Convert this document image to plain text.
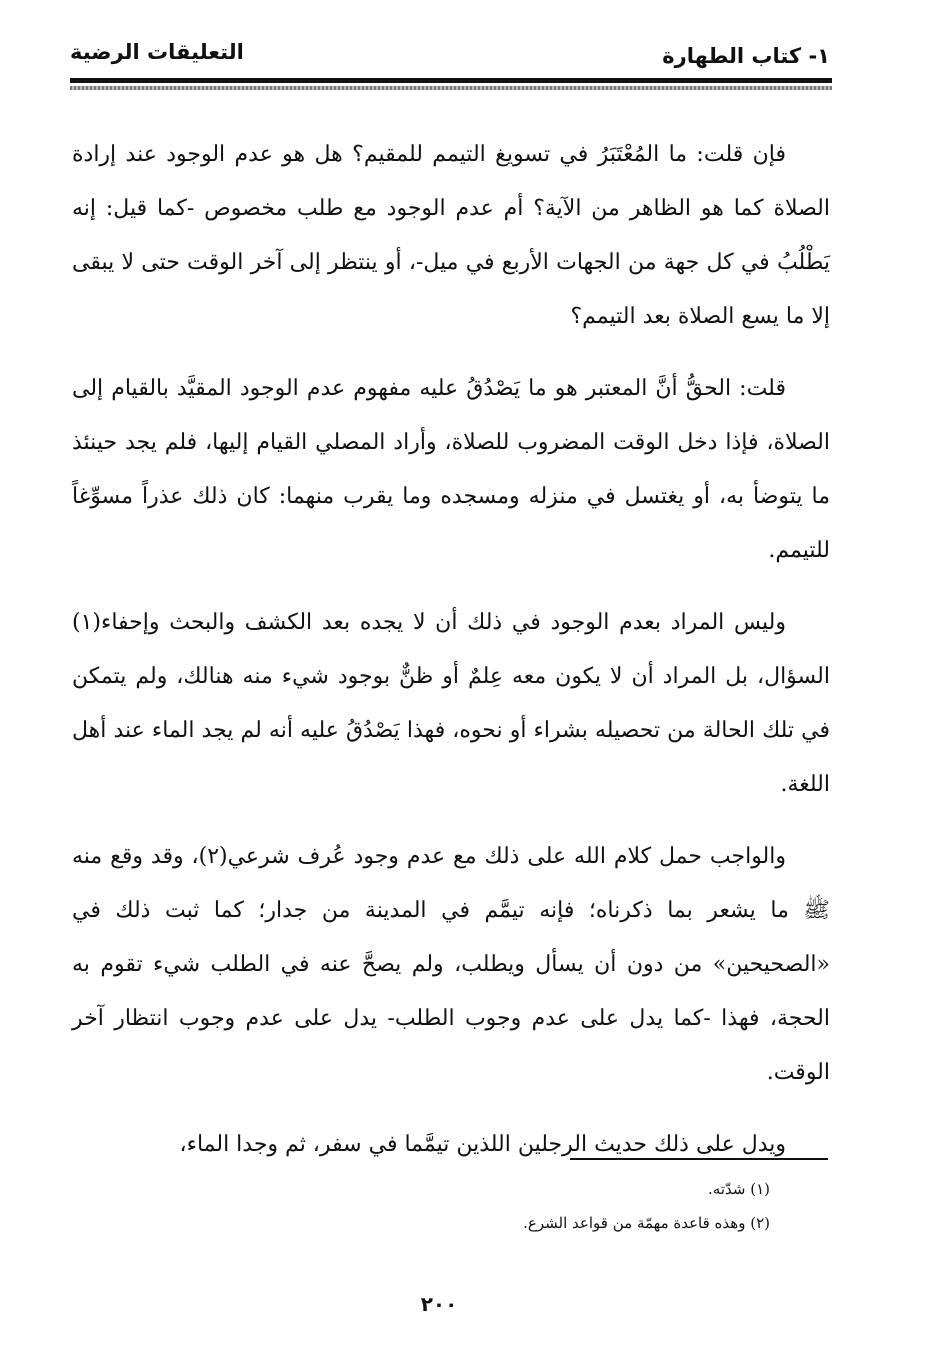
١- كتاب الطهارة
التعليقات الرضية

فإن قلت: ما المُعْتَبَرُ في تسويغ التيمم للمقيم؟ هل هو عدم الوجود عند إرادة الصلاة كما هو الظاهر من الآية؟ أم عدم الوجود مع طلب مخصوص -كما قيل: إنه يَطْلُبُ في كل جهة من الجهات الأربع في ميل-، أو ينتظر إلى آخر الوقت حتى لا يبقى إلا ما يسع الصلاة بعد التيمم؟

قلت: الحقُّ أنَّ المعتبر هو ما يَصْدُقُ عليه مفهوم عدم الوجود المقيَّد بالقيام إلى الصلاة، فإذا دخل الوقت المضروب للصلاة، وأراد المصلي القيام إليها، فلم يجد حينئذ ما يتوضأ به، أو يغتسل في منزله ومسجده وما يقرب منهما: كان ذلك عذراً مسوِّغاً للتيمم.

وليس المراد بعدم الوجود في ذلك أن لا يجده بعد الكشف والبحث وإحفاء(١) السؤال، بل المراد أن لا يكون معه عِلمٌ أو ظنٌّ بوجود شيء منه هنالك، ولم يتمكن في تلك الحالة من تحصيله بشراء أو نحوه، فهذا يَصْدُقُ عليه أنه لم يجد الماء عند أهل اللغة.

والواجب حمل كلام الله على ذلك مع عدم وجود عُرف شرعي(٢)، وقد وقع منه ﷺ ما يشعر بما ذكرناه؛ فإنه تيمَّم في المدينة من جدار؛ كما ثبت ذلك في «الصحيحين» من دون أن يسأل ويطلب، ولم يصحَّ عنه في الطلب شيء تقوم به الحجة، فهذا -كما يدل على عدم وجوب الطلب- يدل على عدم وجوب انتظار آخر الوقت.

ويدل على ذلك حديث الرجلين اللذين تيمَّما في سفر، ثم وجدا الماء،

(١) شدّته.

(٢) وهذه قاعدة مهمّة من قواعد الشرع.

٢٠٠
